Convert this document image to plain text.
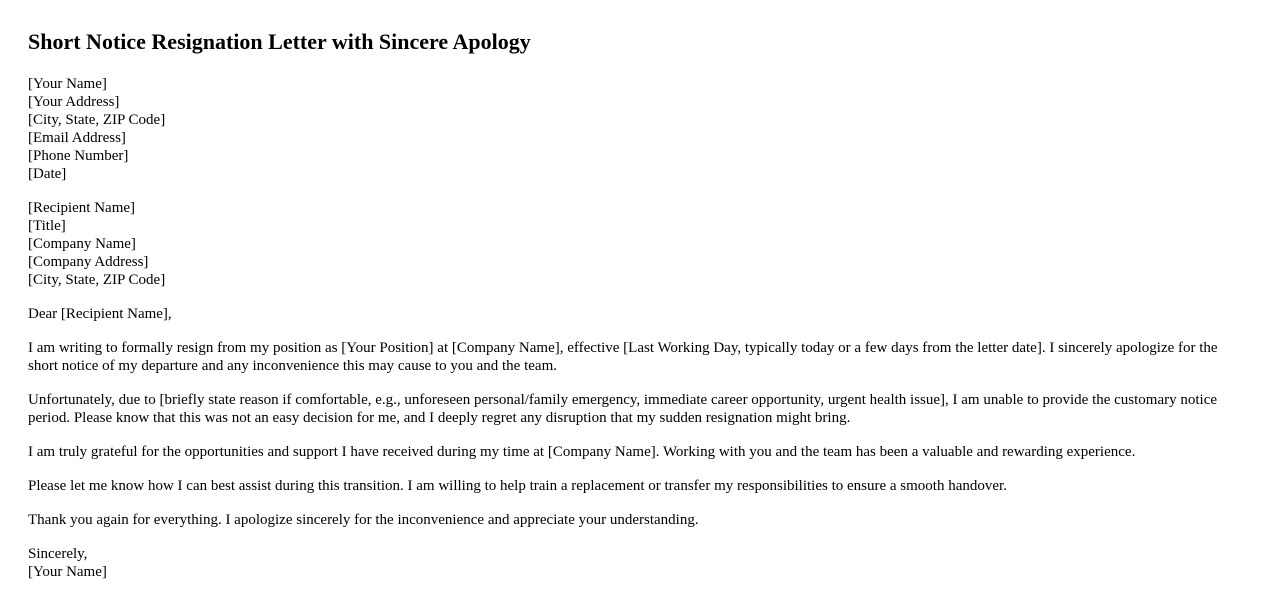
Short Notice Resignation Letter with Sincere Apology
[Your Name]
[Your Address]
[City, State, ZIP Code]
[Email Address]
[Phone Number]
[Date]
[Recipient Name]
[Title]
[Company Name]
[Company Address]
[City, State, ZIP Code]
Dear [Recipient Name],

I am writing to formally resign from my position as [Your Position] at [Company Name], effective [Last Working Day, typically today or a few days from the letter date]. I sincerely apologize for the short notice of my departure and any inconvenience this may cause to you and the team.

Unfortunately, due to [briefly state reason if comfortable, e.g., unforeseen personal/family emergency, immediate career opportunity, urgent health issue], I am unable to provide the customary notice period. Please know that this was not an easy decision for me, and I deeply regret any disruption that my sudden resignation might bring.

I am truly grateful for the opportunities and support I have received during my time at [Company Name]. Working with you and the team has been a valuable and rewarding experience.

Please let me know how I can best assist during this transition. I am willing to help train a replacement or transfer my responsibilities to ensure a smooth handover.

Thank you again for everything. I apologize sincerely for the inconvenience and appreciate your understanding.

Sincerely,
[Your Name]
